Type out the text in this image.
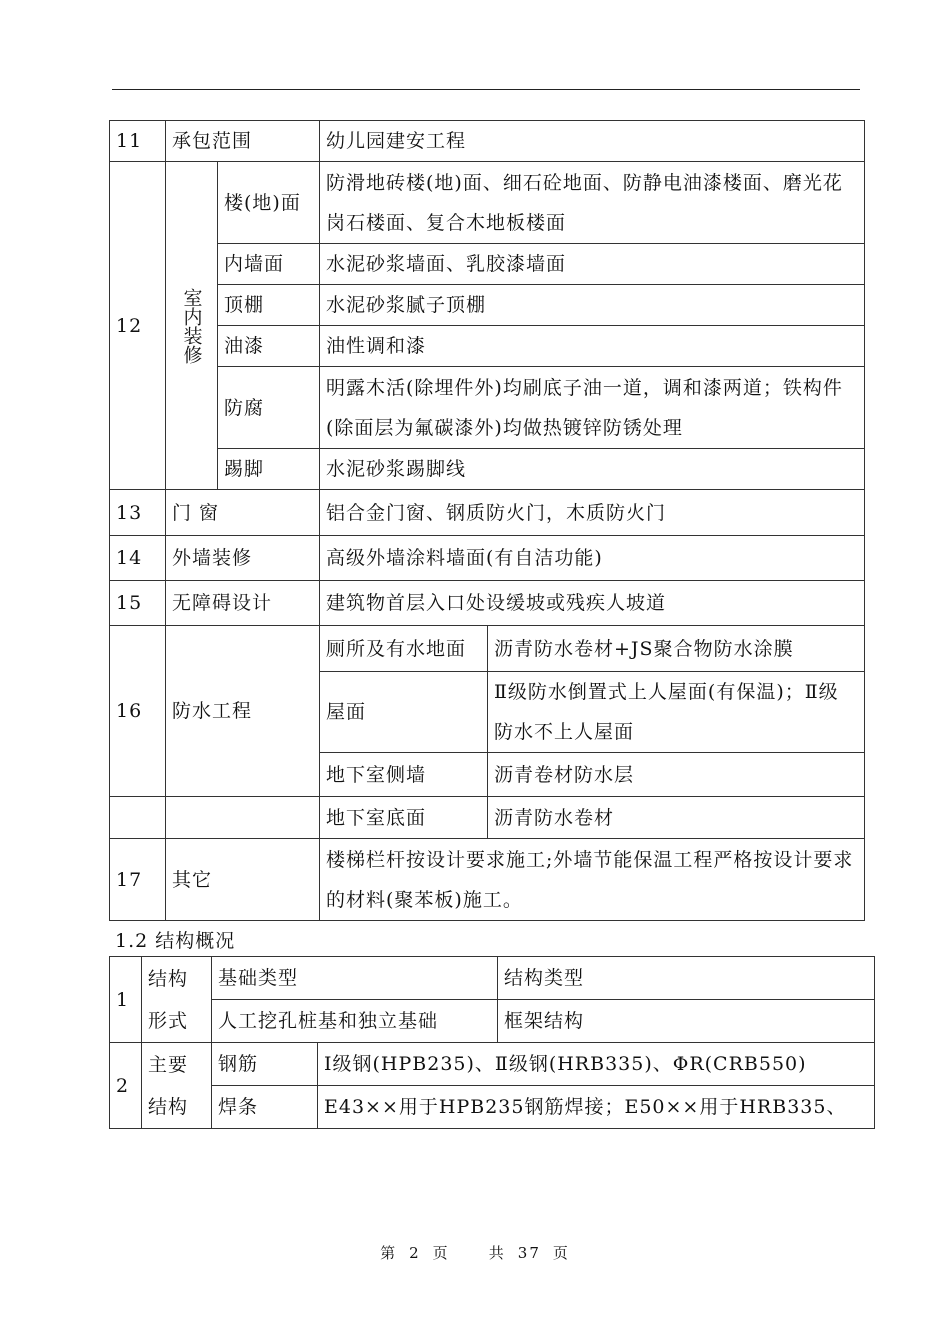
11	承包范围		幼儿园建安工程	
12	室内装修	楼(地)面	防滑地砖楼(地)面、细石砼地面、防静电油漆楼面、磨光花岗石楼面、复合木地板楼面	
		内墙面	水泥砂浆墙面、乳胶漆墙面	
		顶棚	水泥砂浆腻子顶棚	
		油漆	油性调和漆	
		防腐	明露木活(除埋件外)均刷底子油一道，调和漆两道；铁构件(除面层为氟碳漆外)均做热镀锌防锈处理	
		踢脚	水泥砂浆踢脚线	
13	门 窗		铝合金门窗、钢质防火门，木质防火门	
14	外墙装修		高级外墙涂料墙面(有自洁功能)	
15	无障碍设计		建筑物首层入口处设缓坡或残疾人坡道	
16	防水工程		厕所及有水地面	沥青防水卷材+JS聚合物防水涂膜
			屋面	Ⅱ级防水倒置式上人屋面(有保温)；Ⅱ级防水不上人屋面
			地下室侧墙	沥青卷材防水层
			地下室底面	沥青防水卷材
17	其它		楼梯栏杆按设计要求施工;外墙节能保温工程严格按设计要求的材料(聚苯板)施工。	
1.2 结构概况
1	结构形式	基础类型		结构类型
		人工挖孔桩基和独立基础		框架结构
2	主要结构	钢筋	Ⅰ级钢(HPB235)、Ⅱ级钢(HRB335)、ΦR(CRB550)	
		焊条	E43××用于HPB235钢筋焊接；E50××用于HRB335、	
第 2 页	共 37 页
